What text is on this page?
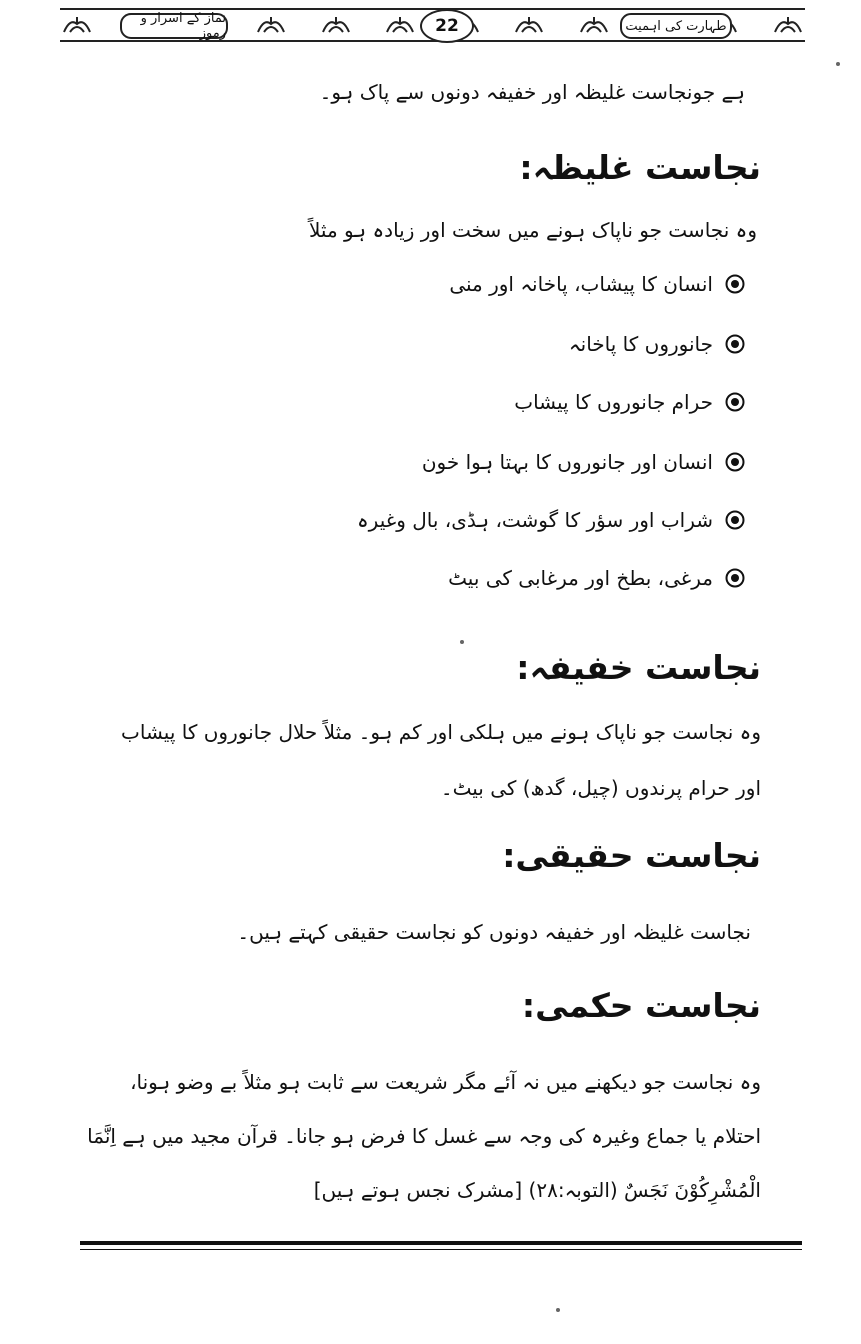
نماز کے اسرار و رموز	22	طہارت کی اہمیت
ہے جونجاست غلیظہ اور خفیفہ دونوں سے پاک ہو۔
نجاست غلیظہ:
وہ نجاست جو ناپاک ہونے میں سخت اور زیادہ ہو مثلاً
انسان کا پیشاب، پاخانہ اور منی
جانوروں کا پاخانہ
حرام جانوروں کا پیشاب
انسان اور جانوروں کا بہتا ہوا خون
شراب اور سؤر کا گوشت، ہڈی، بال وغیرہ
مرغی، بطخ اور مرغابی کی بیٹ
نجاست خفیفہ:
وہ نجاست جو ناپاک ہونے میں ہلکی اور کم ہو۔ مثلاً حلال جانوروں کا پیشاب
اور حرام پرندوں (چیل، گدھ) کی بیٹ۔
نجاست حقیقی:
نجاست غلیظہ اور خفیفہ دونوں کو نجاست حقیقی کہتے ہیں۔
نجاست حکمی:
وہ نجاست جو دیکھنے میں نہ آئے مگر شریعت سے ثابت ہو مثلاً بے وضو ہونا،
احتلام یا جماع وغیرہ کی وجہ سے غسل کا فرض ہو جانا۔ قرآن مجید میں ہے اِنَّمَا
الْمُشْرِكُوْنَ نَجَسٌ (التوبہ:۲۸) [مشرک نجس ہوتے ہیں]
